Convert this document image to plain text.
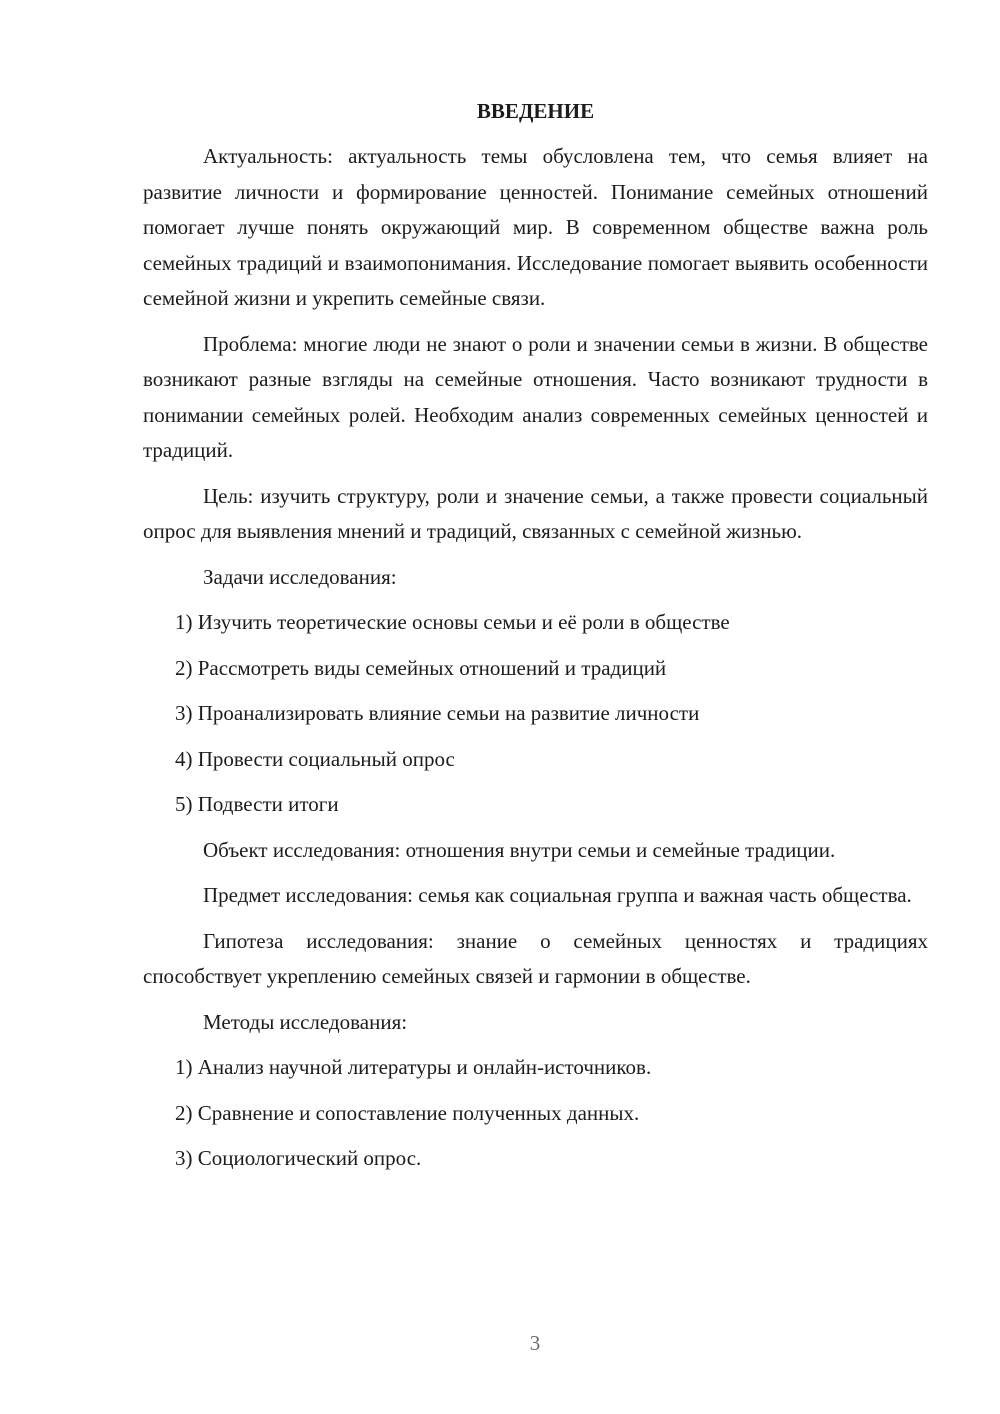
ВВЕДЕНИЕ

Актуальность: актуальность темы обусловлена тем, что семья влияет на развитие личности и формирование ценностей. Понимание семейных отношений помогает лучше понять окружающий мир. В современном обществе важна роль семейных традиций и взаимопонимания. Исследование помогает выявить особенности семейной жизни и укрепить семейные связи.

Проблема: многие люди не знают о роли и значении семьи в жизни. В обществе возникают разные взгляды на семейные отношения. Часто возникают трудности в понимании семейных ролей. Необходим анализ современных семейных ценностей и традиций.

Цель: изучить структуру, роли и значение семьи, а также провести социальный опрос для выявления мнений и традиций, связанных с семейной жизнью.

Задачи исследования:

1) Изучить теоретические основы семьи и её роли в обществе
2) Рассмотреть виды семейных отношений и традиций
3) Проанализировать влияние семьи на развитие личности
4) Провести социальный опрос
5) Подвести итоги

Объект исследования: отношения внутри семьи и семейные традиции.

Предмет исследования: семья как социальная группа и важная часть общества.

Гипотеза исследования: знание о семейных ценностях и традициях способствует укреплению семейных связей и гармонии в обществе.

Методы исследования:

1) Анализ научной литературы и онлайн-источников.
2) Сравнение и сопоставление полученных данных.
3) Социологический опрос.
3
